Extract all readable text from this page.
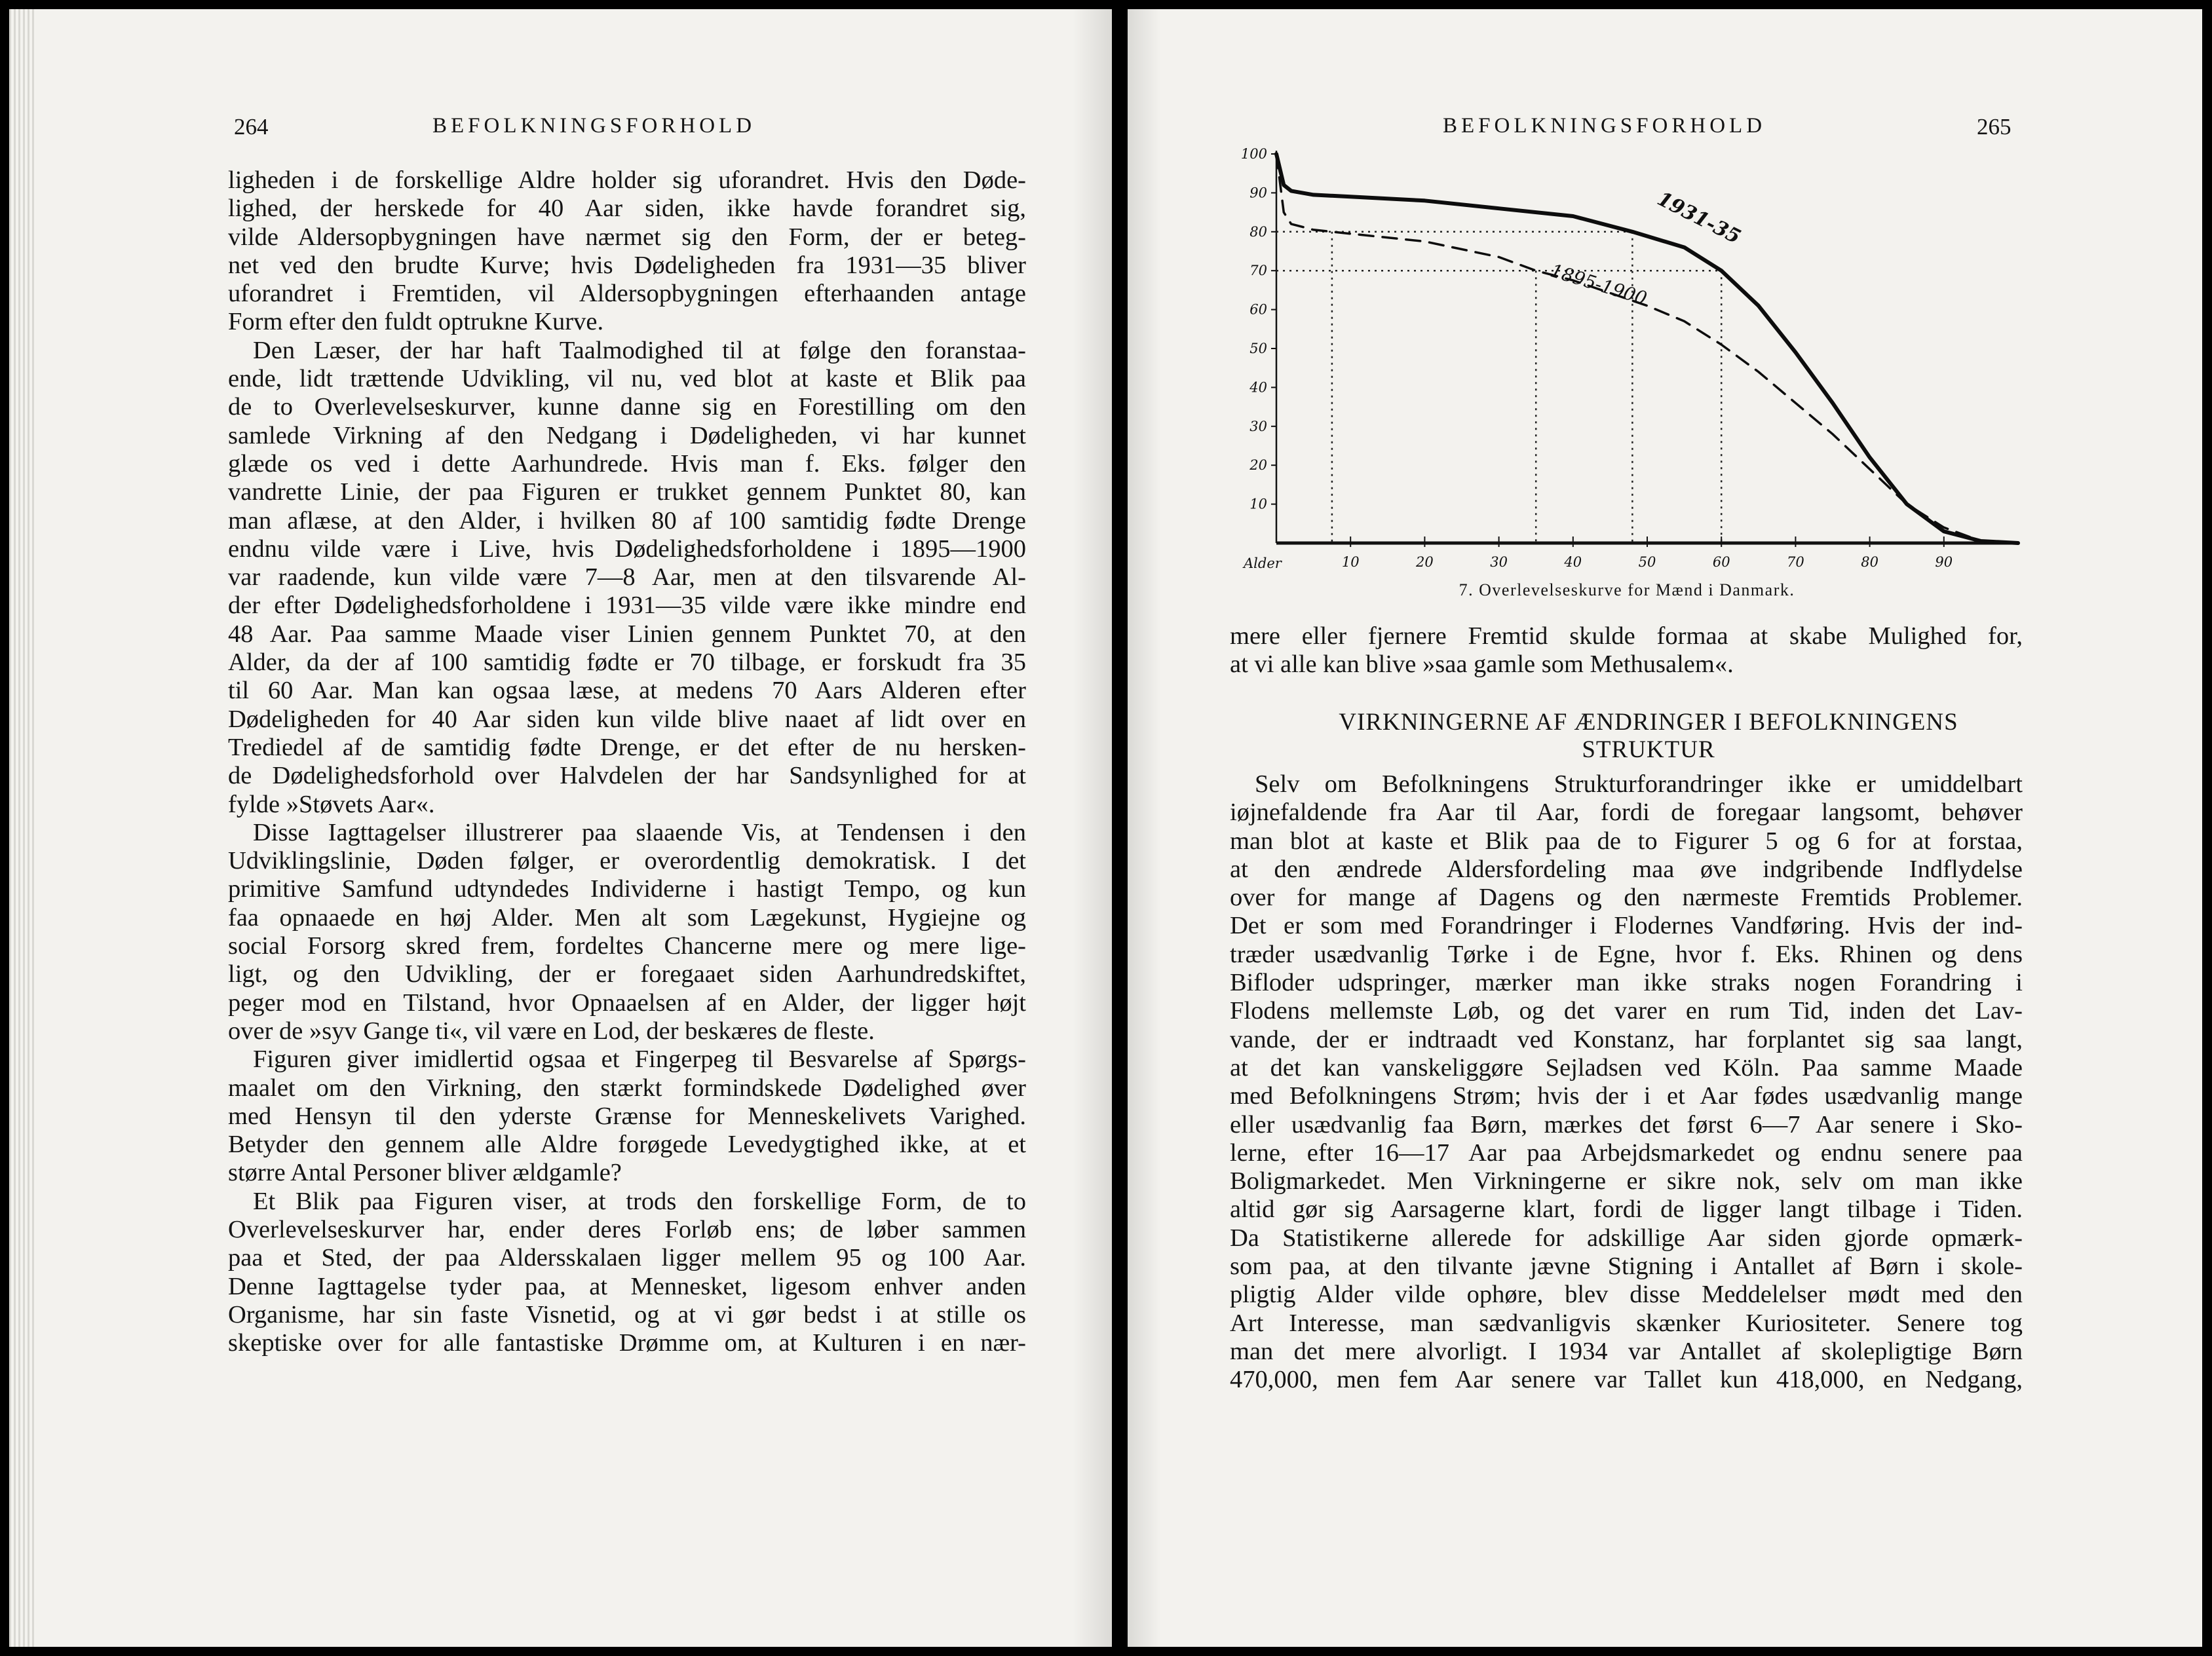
264	BEFOLKNINGSFORHOLD
ligheden i de forskellige Aldre holder sig uforandret. Hvis den Døde-
lighed, der herskede for 40 Aar siden, ikke havde forandret sig,
vilde Aldersopbygningen have nærmet sig den Form, der er beteg-
net ved den brudte Kurve; hvis Dødeligheden fra 1931—35 bliver
uforandret i Fremtiden, vil Aldersopbygningen efterhaanden antage
Form efter den fuldt optrukne Kurve.
Den Læser, der har haft Taalmodighed til at følge den foranstaa-
ende, lidt trættende Udvikling, vil nu, ved blot at kaste et Blik paa
de to Overlevelseskurver, kunne danne sig en Forestilling om den
samlede Virkning af den Nedgang i Dødeligheden, vi har kunnet
glæde os ved i dette Aarhundrede. Hvis man f. Eks. følger den
vandrette Linie, der paa Figuren er trukket gennem Punktet 80, kan
man aflæse, at den Alder, i hvilken 80 af 100 samtidig fødte Drenge
endnu vilde være i Live, hvis Dødelighedsforholdene i 1895—1900
var raadende, kun vilde være 7—8 Aar, men at den tilsvarende Al-
der efter Dødelighedsforholdene i 1931—35 vilde være ikke mindre end
48 Aar. Paa samme Maade viser Linien gennem Punktet 70, at den
Alder, da der af 100 samtidig fødte er 70 tilbage, er forskudt fra 35
til 60 Aar. Man kan ogsaa læse, at medens 70 Aars Alderen efter
Dødeligheden for 40 Aar siden kun vilde blive naaet af lidt over en
Trediedel af de samtidig fødte Drenge, er det efter de nu hersken-
de Dødelighedsforhold over Halvdelen der har Sandsynlighed for at
fylde »Støvets Aar«.
Disse Iagttagelser illustrerer paa slaaende Vis, at Tendensen i den
Udviklingslinie, Døden følger, er overordentlig demokratisk. I det
primitive Samfund udtyndedes Individerne i hastigt Tempo, og kun
faa opnaaede en høj Alder. Men alt som Lægekunst, Hygiejne og
social Forsorg skred frem, fordeltes Chancerne mere og mere lige-
ligt, og den Udvikling, der er foregaaet siden Aarhundredskiftet,
peger mod en Tilstand, hvor Opnaaelsen af en Alder, der ligger højt
over de »syv Gange ti«, vil være en Lod, der beskæres de fleste.
Figuren giver imidlertid ogsaa et Fingerpeg til Besvarelse af Spørgs-
maalet om den Virkning, den stærkt formindskede Dødelighed øver
med Hensyn til den yderste Grænse for Menneskelivets Varighed.
Betyder den gennem alle Aldre forøgede Levedygtighed ikke, at et
større Antal Personer bliver ældgamle?
Et Blik paa Figuren viser, at trods den forskellige Form, de to
Overlevelseskurver har, ender deres Forløb ens; de løber sammen
paa et Sted, der paa Aldersskalaen ligger mellem 95 og 100 Aar.
Denne Iagttagelse tyder paa, at Mennesket, ligesom enhver anden
Organisme, har sin faste Visnetid, og at vi gør bedst i at stille os
skeptiske over for alle fantastiske Drømme om, at Kulturen i en nær-
BEFOLKNINGSFORHOLD	265
100
90
80
70
60
50
40
30
20
10
10	20	30	40	50	60	70	80	90
Alder
1931-35
1895-1900
7. Overlevelseskurve for Mænd i Danmark.
mere eller fjernere Fremtid skulde formaa at skabe Mulighed for,
at vi alle kan blive »saa gamle som Methusalem«.
VIRKNINGERNE AF ÆNDRINGER I BEFOLKNINGENS
STRUKTUR
Selv om Befolkningens Strukturforandringer ikke er umiddelbart
iøjnefaldende fra Aar til Aar, fordi de foregaar langsomt, behøver
man blot at kaste et Blik paa de to Figurer 5 og 6 for at forstaa,
at den ændrede Aldersfordeling maa øve indgribende Indflydelse
over for mange af Dagens og den nærmeste Fremtids Problemer.
Det er som med Forandringer i Flodernes Vandføring. Hvis der ind-
træder usædvanlig Tørke i de Egne, hvor f. Eks. Rhinen og dens
Bifloder udspringer, mærker man ikke straks nogen Forandring i
Flodens mellemste Løb, og det varer en rum Tid, inden det Lav-
vande, der er indtraadt ved Konstanz, har forplantet sig saa langt,
at det kan vanskeliggøre Sejladsen ved Köln. Paa samme Maade
med Befolkningens Strøm; hvis der i et Aar fødes usædvanlig mange
eller usædvanlig faa Børn, mærkes det først 6—7 Aar senere i Sko-
lerne, efter 16—17 Aar paa Arbejdsmarkedet og endnu senere paa
Boligmarkedet. Men Virkningerne er sikre nok, selv om man ikke
altid gør sig Aarsagerne klart, fordi de ligger langt tilbage i Tiden.
Da Statistikerne allerede for adskillige Aar siden gjorde opmærk-
som paa, at den tilvante jævne Stigning i Antallet af Børn i skole-
pligtig Alder vilde ophøre, blev disse Meddelelser mødt med den
Art Interesse, man sædvanligvis skænker Kuriositeter. Senere tog
man det mere alvorligt. I 1934 var Antallet af skolepligtige Børn
470,000, men fem Aar senere var Tallet kun 418,000, en Nedgang,
